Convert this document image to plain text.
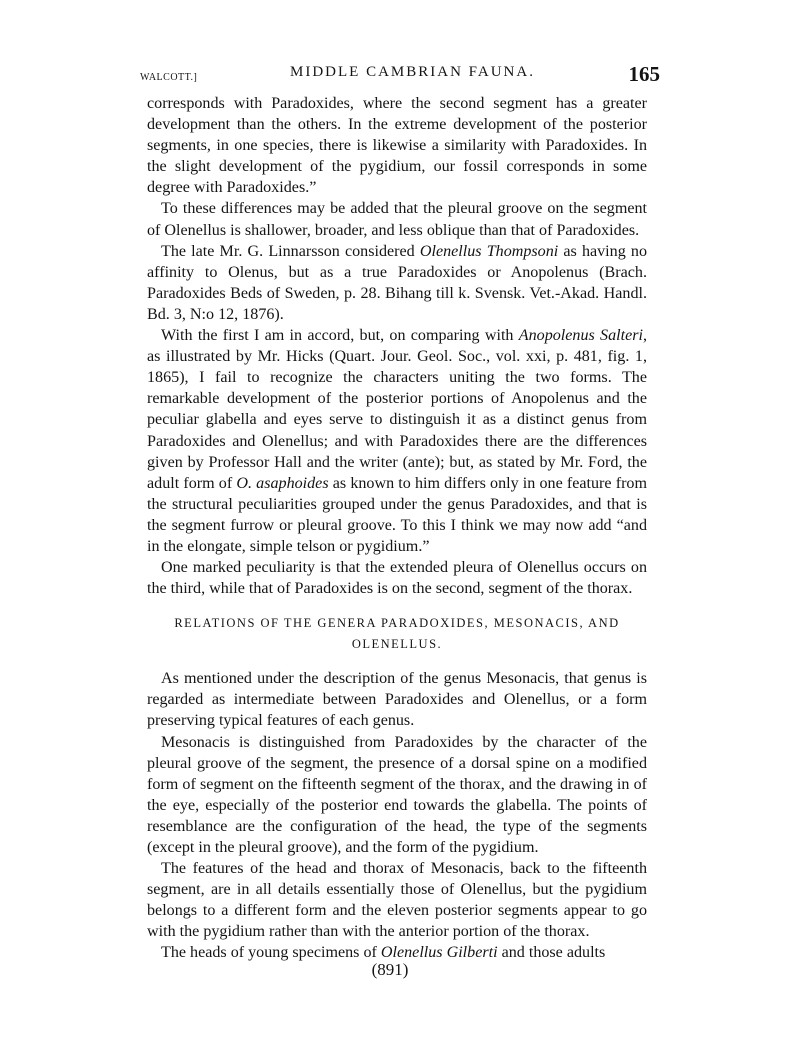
WALCOTT.]	MIDDLE CAMBRIAN FAUNA.	165

corresponds with Paradoxides, where the second segment has a greater development than the others. In the extreme development of the posterior segments, in one species, there is likewise a similarity with Paradoxides. In the slight development of the pygidium, our fossil corresponds in some degree with Paradoxides.”

To these differences may be added that the pleural groove on the segment of Olenellus is shallower, broader, and less oblique than that of Paradoxides.

The late Mr. G. Linnarsson considered Olenellus Thompsoni as having no affinity to Olenus, but as a true Paradoxides or Anopolenus (Brach. Paradoxides Beds of Sweden, p. 28. Bihang till k. Svensk. Vet.-Akad. Handl. Bd. 3, N:o 12, 1876).

With the first I am in accord, but, on comparing with Anopolenus Salteri, as illustrated by Mr. Hicks (Quart. Jour. Geol. Soc., vol. xxi, p. 481, fig. 1, 1865), I fail to recognize the characters uniting the two forms. The remarkable development of the posterior portions of Anopolenus and the peculiar glabella and eyes serve to distinguish it as a distinct genus from Paradoxides and Olenellus; and with Paradoxides there are the differences given by Professor Hall and the writer (ante); but, as stated by Mr. Ford, the adult form of O. asaphoides as known to him differs only in one feature from the structural peculiarities grouped under the genus Paradoxides, and that is the segment furrow or pleural groove. To this I think we may now add “and in the elongate, simple telson or pygidium.”

One marked peculiarity is that the extended pleura of Olenellus occurs on the third, while that of Paradoxides is on the second, segment of the thorax.

RELATIONS OF THE GENERA PARADOXIDES, MESONACIS, AND OLENELLUS.

As mentioned under the description of the genus Mesonacis, that genus is regarded as intermediate between Paradoxides and Olenellus, or a form preserving typical features of each genus.

Mesonacis is distinguished from Paradoxides by the character of the pleural groove of the segment, the presence of a dorsal spine on a modified form of segment on the fifteenth segment of the thorax, and the drawing in of the eye, especially of the posterior end towards the glabella. The points of resemblance are the configuration of the head, the type of the segments (except in the pleural groove), and the form of the pygidium.

The features of the head and thorax of Mesonacis, back to the fifteenth segment, are in all details essentially those of Olenellus, but the pygidium belongs to a different form and the eleven posterior segments appear to go with the pygidium rather than with the anterior portion of the thorax.

The heads of young specimens of Olenellus Gilberti and those adults

(891)
